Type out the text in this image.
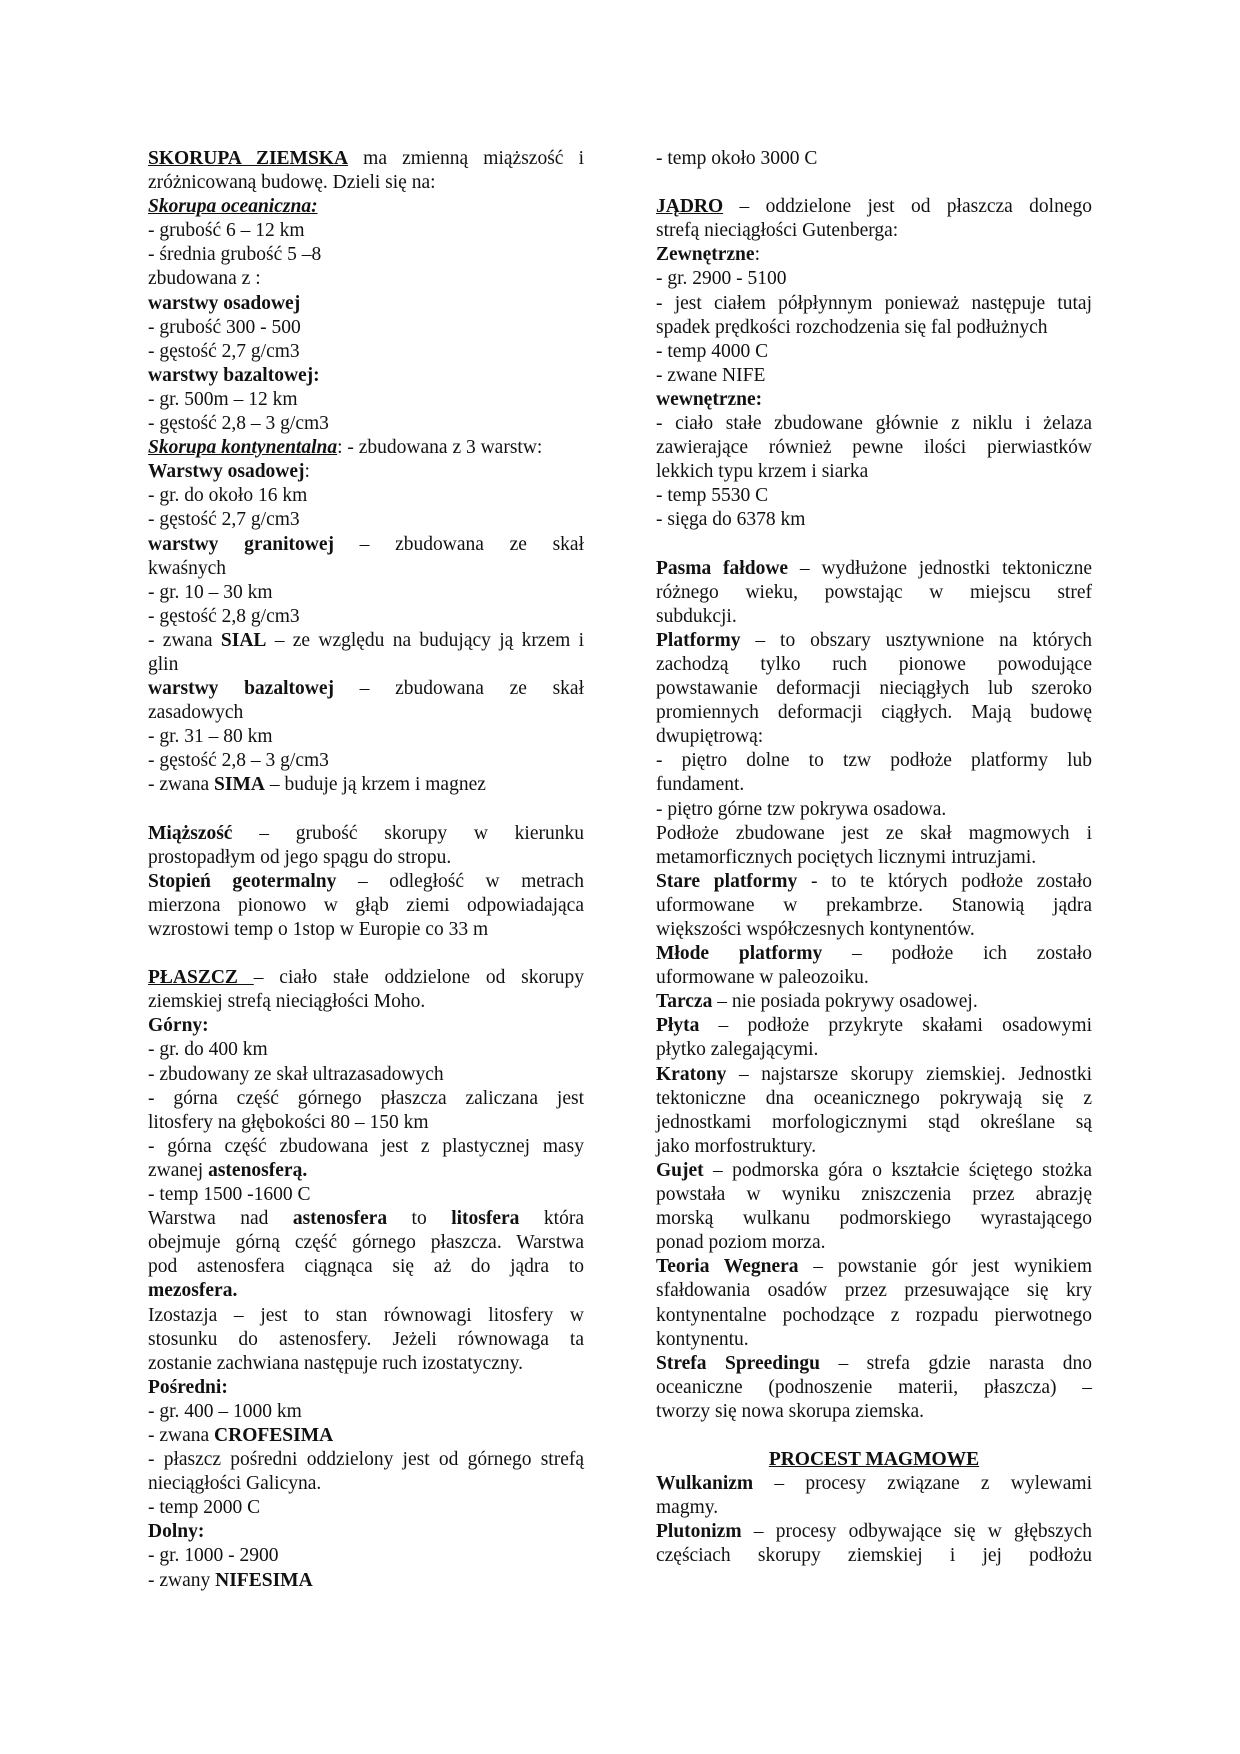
SKORUPA ZIEMSKA ma zmienną miąższość i
zróżnicowaną budowę. Dzieli się na:
Skorupa oceaniczna:
- grubość 6 – 12 km
- średnia grubość 5 –8
zbudowana z :
warstwy osadowej
- grubość 300 - 500
- gęstość 2,7 g/cm3
warstwy bazaltowej:
- gr. 500m – 12 km
- gęstość 2,8 – 3 g/cm3
Skorupa kontynentalna: - zbudowana z 3 warstw:
Warstwy osadowej:
- gr. do około 16 km
- gęstość 2,7 g/cm3
warstwy granitowej – zbudowana ze skał
kwaśnych
- gr. 10 – 30 km
- gęstość 2,8 g/cm3
- zwana SIAL – ze względu na budujący ją krzem i
glin
warstwy bazaltowej – zbudowana ze skał
zasadowych
- gr. 31 – 80 km
- gęstość 2,8 – 3 g/cm3
- zwana SIMA – buduje ją krzem i magnez
Miąższość – grubość skorupy w kierunku
prostopadłym od jego spągu do stropu.
Stopień geotermalny – odległość w metrach
mierzona pionowo w głąb ziemi odpowiadająca
wzrostowi temp o 1stop w Europie co 33 m
PŁASZCZ – ciało stałe oddzielone od skorupy
ziemskiej strefą nieciągłości Moho.
Górny:
- gr. do 400 km
- zbudowany ze skał ultrazasadowych
- górna część górnego płaszcza zaliczana jest
litosfery na głębokości 80 – 150 km
- górna część zbudowana jest z plastycznej masy
zwanej astenosferą.
- temp 1500 -1600 C
Warstwa nad astenosfera to litosfera która
obejmuje górną część górnego płaszcza. Warstwa
pod astenosfera ciągnąca się aż do jądra to
mezosfera.
Izostazja – jest to stan równowagi litosfery w
stosunku do astenosfery. Jeżeli równowaga ta
zostanie zachwiana następuje ruch izostatyczny.
Pośredni:
- gr. 400 – 1000 km
- zwana CROFESIMA
- płaszcz pośredni oddzielony jest od górnego strefą
nieciągłości Galicyna.
- temp 2000 C
Dolny:
- gr. 1000 - 2900
- zwany NIFESIMA
- temp około 3000 C
JĄDRO – oddzielone jest od płaszcza dolnego
strefą nieciągłości Gutenberga:
Zewnętrzne:
- gr. 2900 - 5100
- jest ciałem półpłynnym ponieważ następuje tutaj
spadek prędkości rozchodzenia się fal podłużnych
- temp 4000 C
- zwane NIFE
wewnętrzne:
- ciało stałe zbudowane głównie z niklu i żelaza
zawierające również pewne ilości pierwiastków
lekkich typu krzem i siarka
- temp 5530 C
- sięga do 6378 km
Pasma fałdowe – wydłużone jednostki tektoniczne
różnego wieku, powstając w miejscu stref
subdukcji.
Platformy – to obszary usztywnione na których
zachodzą tylko ruch pionowe powodujące
powstawanie deformacji nieciągłych lub szeroko
promiennych deformacji ciągłych. Mają budowę
dwupiętrową:
- piętro dolne to tzw podłoże platformy lub
fundament.
- piętro górne tzw pokrywa osadowa.
Podłoże zbudowane jest ze skał magmowych i
metamorficznych pociętych licznymi intruzjami.
Stare platformy - to te których podłoże zostało
uformowane w prekambrze. Stanowią jądra
większości współczesnych kontynentów.
Młode platformy – podłoże ich zostało
uformowane w paleozoiku.
Tarcza – nie posiada pokrywy osadowej.
Płyta – podłoże przykryte skałami osadowymi
płytko zalegającymi.
Kratony – najstarsze skorupy ziemskiej. Jednostki
tektoniczne dna oceanicznego pokrywają się z
jednostkami morfologicznymi stąd określane są
jako morfostruktury.
Gujet – podmorska góra o kształcie ściętego stożka
powstała w wyniku zniszczenia przez abrazję
morską wulkanu podmorskiego wyrastającego
ponad poziom morza.
Teoria Wegnera – powstanie gór jest wynikiem
sfałdowania osadów przez przesuwające się kry
kontynentalne pochodzące z rozpadu pierwotnego
kontynentu.
Strefa Spreedingu – strefa gdzie narasta dno
oceaniczne (podnoszenie materii, płaszcza) –
tworzy się nowa skorupa ziemska.
PROCEST MAGMOWE
Wulkanizm – procesy związane z wylewami
magmy.
Plutonizm – procesy odbywające się w głębszych
częściach skorupy ziemskiej i jej podłożu
